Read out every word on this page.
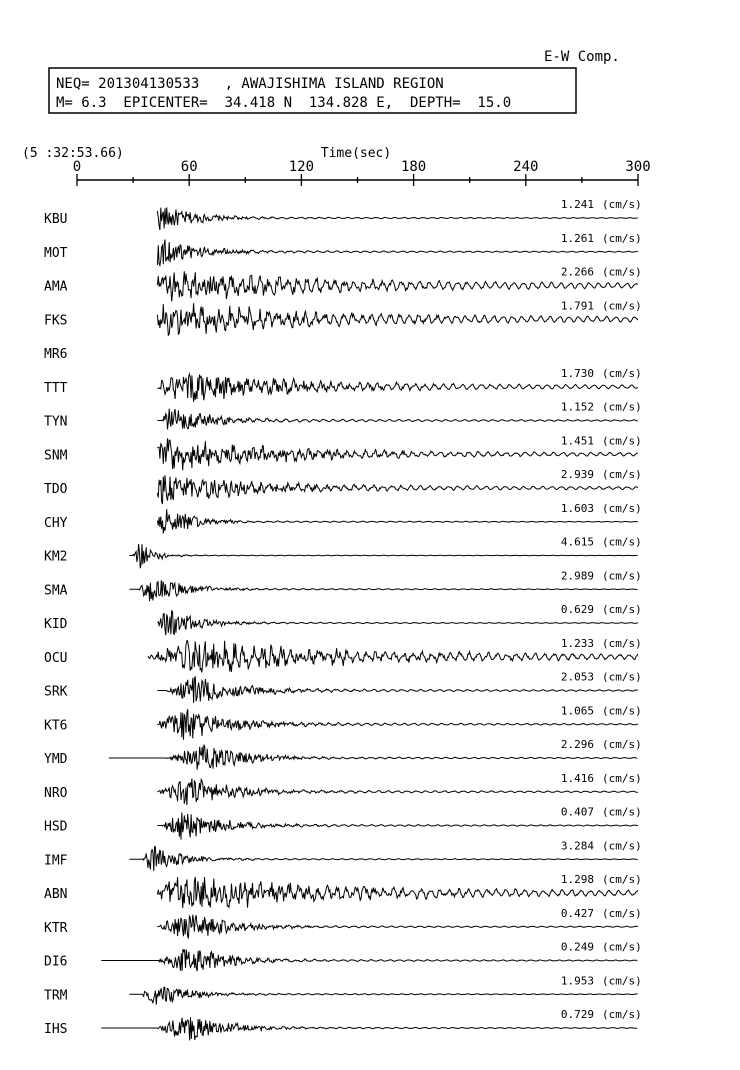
E-W Comp.
NEQ= 201304130533   , AWAJISHIMA ISLAND REGION
M= 6.3  EPICENTER=  34.418 N  134.828 E,  DEPTH=  15.0
(5 :32:53.66)	Time(sec)
0	60	120	180	240	300
KBU
1.241 (cm/s)
MOT
1.261 (cm/s)
AMA
2.266 (cm/s)
FKS
1.791 (cm/s)
MR6
TTT
1.730 (cm/s)
TYN
1.152 (cm/s)
SNM
1.451 (cm/s)
TDO
2.939 (cm/s)
CHY
1.603 (cm/s)
KM2
4.615 (cm/s)
SMA
2.989 (cm/s)
KID
0.629 (cm/s)
OCU
1.233 (cm/s)
SRK
2.053 (cm/s)
KT6
1.065 (cm/s)
YMD
2.296 (cm/s)
NRO
1.416 (cm/s)
HSD
0.407 (cm/s)
IMF
3.284 (cm/s)
ABN
1.298 (cm/s)
KTR
0.427 (cm/s)
DI6
0.249 (cm/s)
TRM
1.953 (cm/s)
IHS
0.729 (cm/s)
